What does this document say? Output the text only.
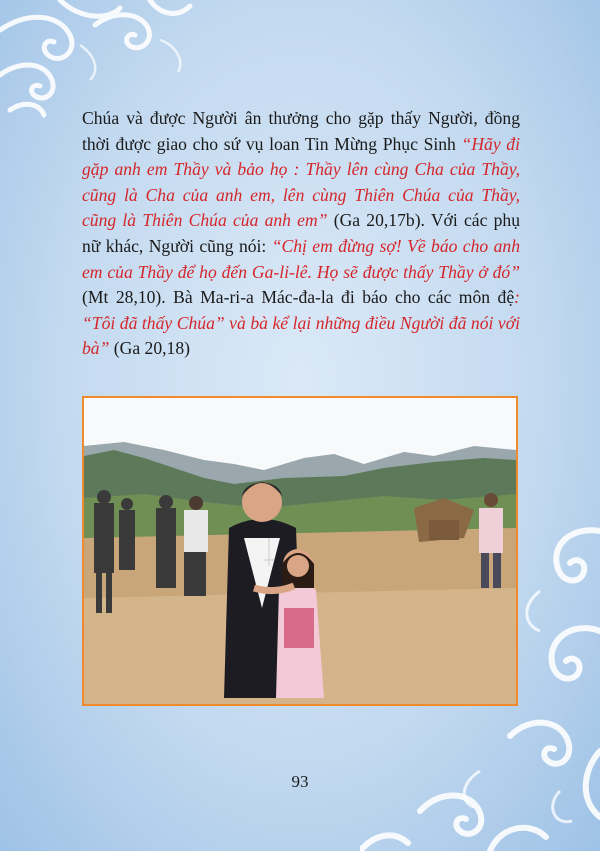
Chúa và được Người ân thưởng cho gặp thấy Người, đồng thời được giao cho sứ vụ loan Tin Mừng Phục Sinh “Hãy đi gặp anh em Thầy và bảo họ : Thầy lên cùng Cha của Thầy, cũng là Cha của anh em, lên cùng Thiên Chúa của Thầy, cũng là Thiên Chúa của anh em” (Ga 20,17b). Với các phụ nữ khác, Người cũng nói: “Chị em đừng sợ! Về báo cho anh em của Thầy để họ đến Ga-li-lê. Họ sẽ được thấy Thầy ở đó” (Mt 28,10). Bà Ma-ri-a Mác-đa-la đi báo cho các môn đệ: “Tôi đã thấy Chúa” và bà kể lại những điều Người đã nói với bà” (Ga 20,18)
93
